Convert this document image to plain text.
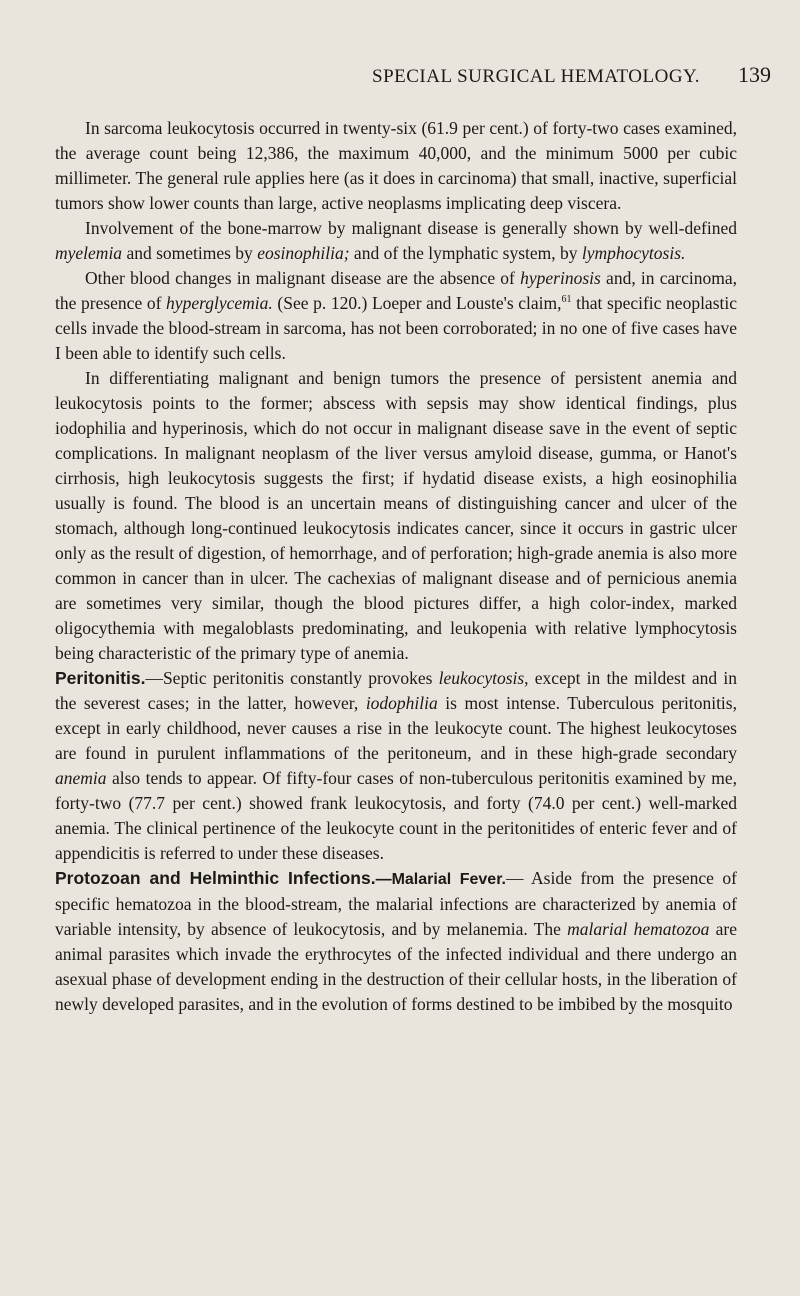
SPECIAL SURGICAL HEMATOLOGY. 139

In sarcoma leukocytosis occurred in twenty-six (61.9 per cent.) of forty-two cases examined, the average count being 12,386, the maximum 40,000, and the minimum 5000 per cubic millimeter. The general rule applies here (as it does in carcinoma) that small, inactive, superficial tumors show lower counts than large, active neoplasms implicating deep viscera.

Involvement of the bone-marrow by malignant disease is generally shown by well-defined myelemia and sometimes by eosinophilia; and of the lymphatic system, by lymphocytosis.

Other blood changes in malignant disease are the absence of hyperinosis and, in carcinoma, the presence of hyperglycemia. (See p. 120.) Loeper and Louste's claim,$^{61}$ that specific neoplastic cells invade the blood-stream in sarcoma, has not been corroborated; in no one of five cases have I been able to identify such cells.

In differentiating malignant and benign tumors the presence of persistent anemia and leukocytosis points to the former; abscess with sepsis may show identical findings, plus iodophilia and hyperinosis, which do not occur in malignant disease save in the event of septic complications. In malignant neoplasm of the liver versus amyloid disease, gumma, or Hanot's cirrhosis, high leukocytosis suggests the first; if hydatid disease exists, a high eosinophilia usually is found. The blood is an uncertain means of distinguishing cancer and ulcer of the stomach, although long-continued leukocytosis indicates cancer, since it occurs in gastric ulcer only as the result of digestion, of hemorrhage, and of perforation; high-grade anemia is also more common in cancer than in ulcer. The cachexias of malignant disease and of pernicious anemia are sometimes very similar, though the blood pictures differ, a high color-index, marked oligocythemia with megaloblasts predominating, and leukopenia with relative lymphocytosis being characteristic of the primary type of anemia.

Peritonitis.—Septic peritonitis constantly provokes leukocytosis, except in the mildest and in the severest cases; in the latter, however, iodophilia is most intense. Tuberculous peritonitis, except in early childhood, never causes a rise in the leukocyte count. The highest leukocytoses are found in purulent inflammations of the peritoneum, and in these high-grade secondary anemia also tends to appear. Of fifty-four cases of non-tuberculous peritonitis examined by me, forty-two (77.7 per cent.) showed frank leukocytosis, and forty (74.0 per cent.) well-marked anemia. The clinical pertinence of the leukocyte count in the peritonitides of enteric fever and of appendicitis is referred to under these diseases.

Protozoan and Helminthic Infections.—Malarial Fever.— Aside from the presence of specific hematozoa in the blood-stream, the malarial infections are characterized by anemia of variable intensity, by absence of leukocytosis, and by melanemia. The malarial hematozoa are animal parasites which invade the erythrocytes of the infected individual and there undergo an asexual phase of development ending in the destruction of their cellular hosts, in the liberation of newly developed parasites, and in the evolution of forms destined to be imbibed by the mosquito
